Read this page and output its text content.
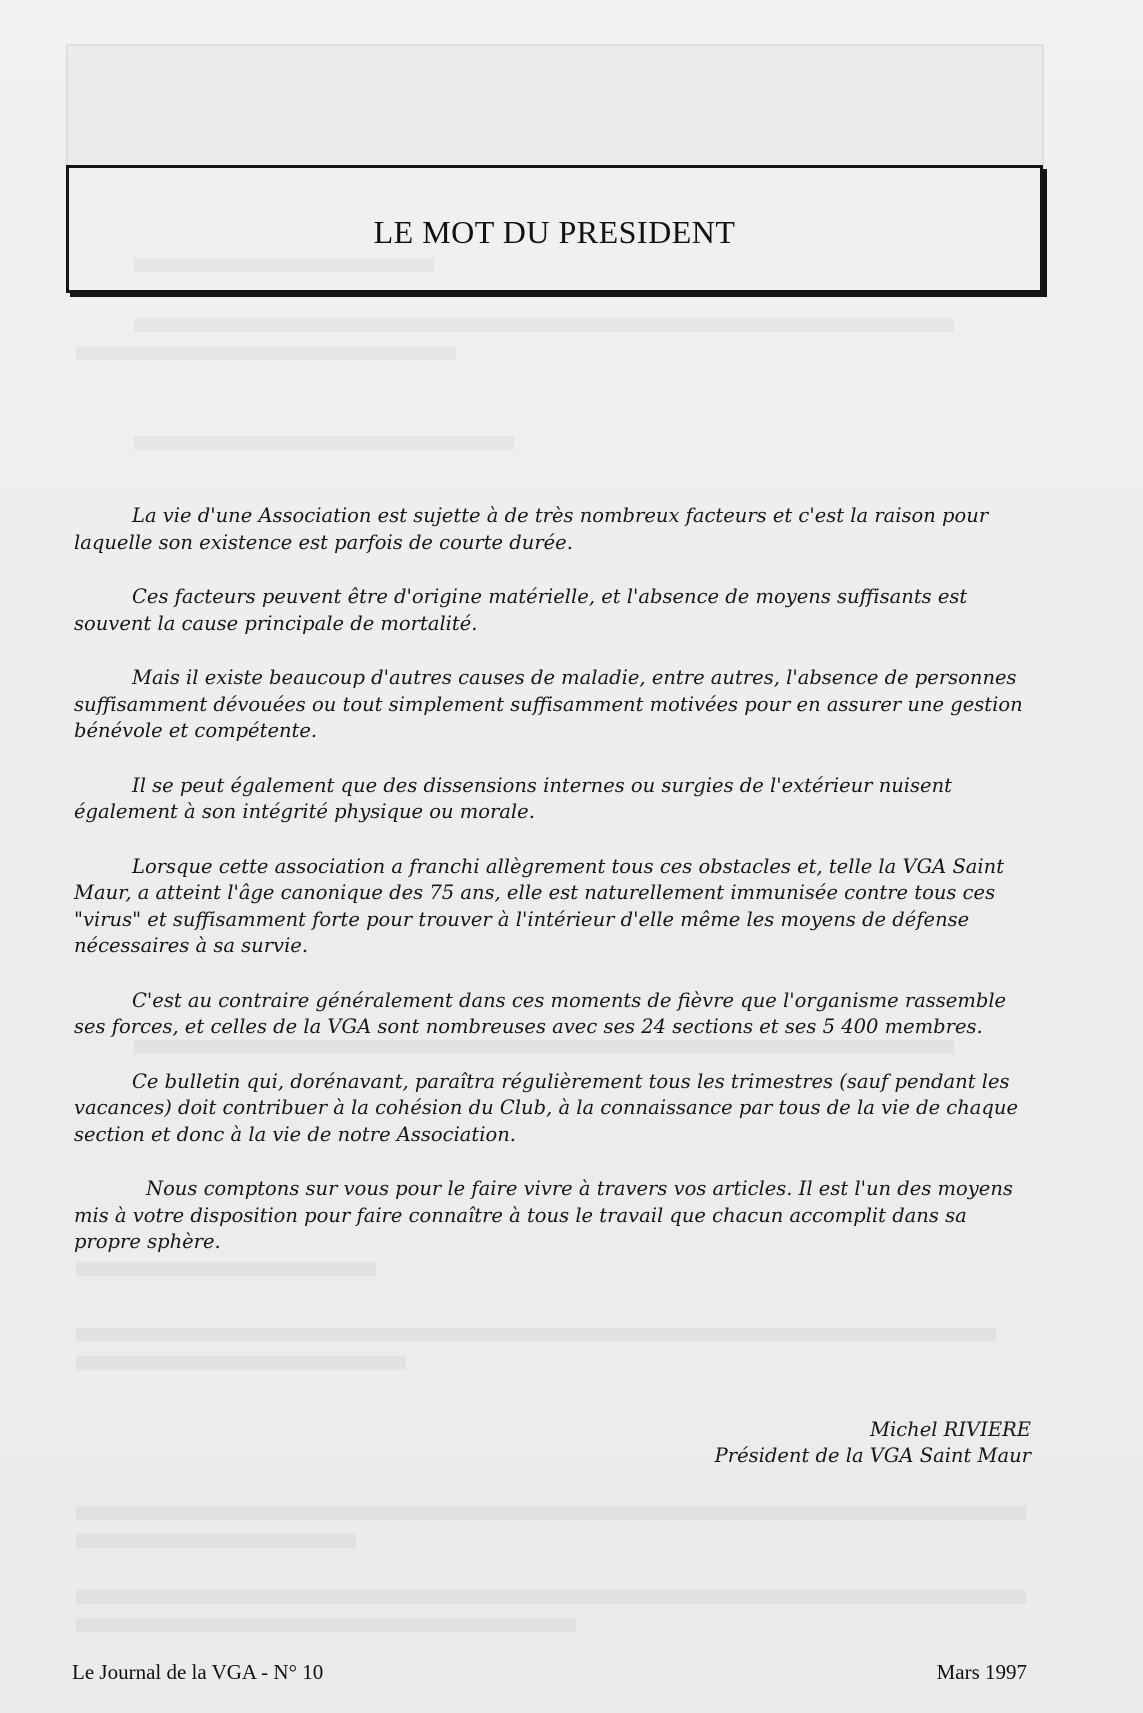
LE MOT DU PRESIDENT

La vie d'une Association est sujette à de très nombreux facteurs et c'est la raison pour laquelle son existence est parfois de courte durée.

Ces facteurs peuvent être d'origine matérielle, et l'absence de moyens suffisants est souvent la cause principale de mortalité.

Mais il existe beaucoup d'autres causes de maladie, entre autres, l'absence de personnes suffisamment dévouées ou tout simplement suffisamment motivées pour en assurer une gestion bénévole et compétente.

Il se peut également que des dissensions internes ou surgies de l'extérieur nuisent également à son intégrité physique ou morale.

Lorsque cette association a franchi allègrement tous ces obstacles et, telle la VGA Saint Maur, a atteint l'âge canonique des 75 ans, elle est naturellement immunisée contre tous ces "virus" et suffisamment forte pour trouver à l'intérieur d'elle même les moyens de défense nécessaires à sa survie.

C'est au contraire généralement dans ces moments de fièvre que l'organisme rassemble ses forces, et celles de la VGA sont nombreuses avec ses 24 sections et ses 5 400 membres.

Ce bulletin qui, dorénavant, paraîtra régulièrement tous les trimestres (sauf pendant les vacances) doit contribuer à la cohésion du Club, à la connaissance par tous de la vie de chaque section et donc à la vie de notre Association.

Nous comptons sur vous pour le faire vivre à travers vos articles. Il est l'un des moyens mis à votre disposition pour faire connaître à tous le travail que chacun accomplit dans sa propre sphère.

Michel RIVIERE
Président de la VGA Saint Maur
Le Journal de la VGA - N° 10	Mars 1997
